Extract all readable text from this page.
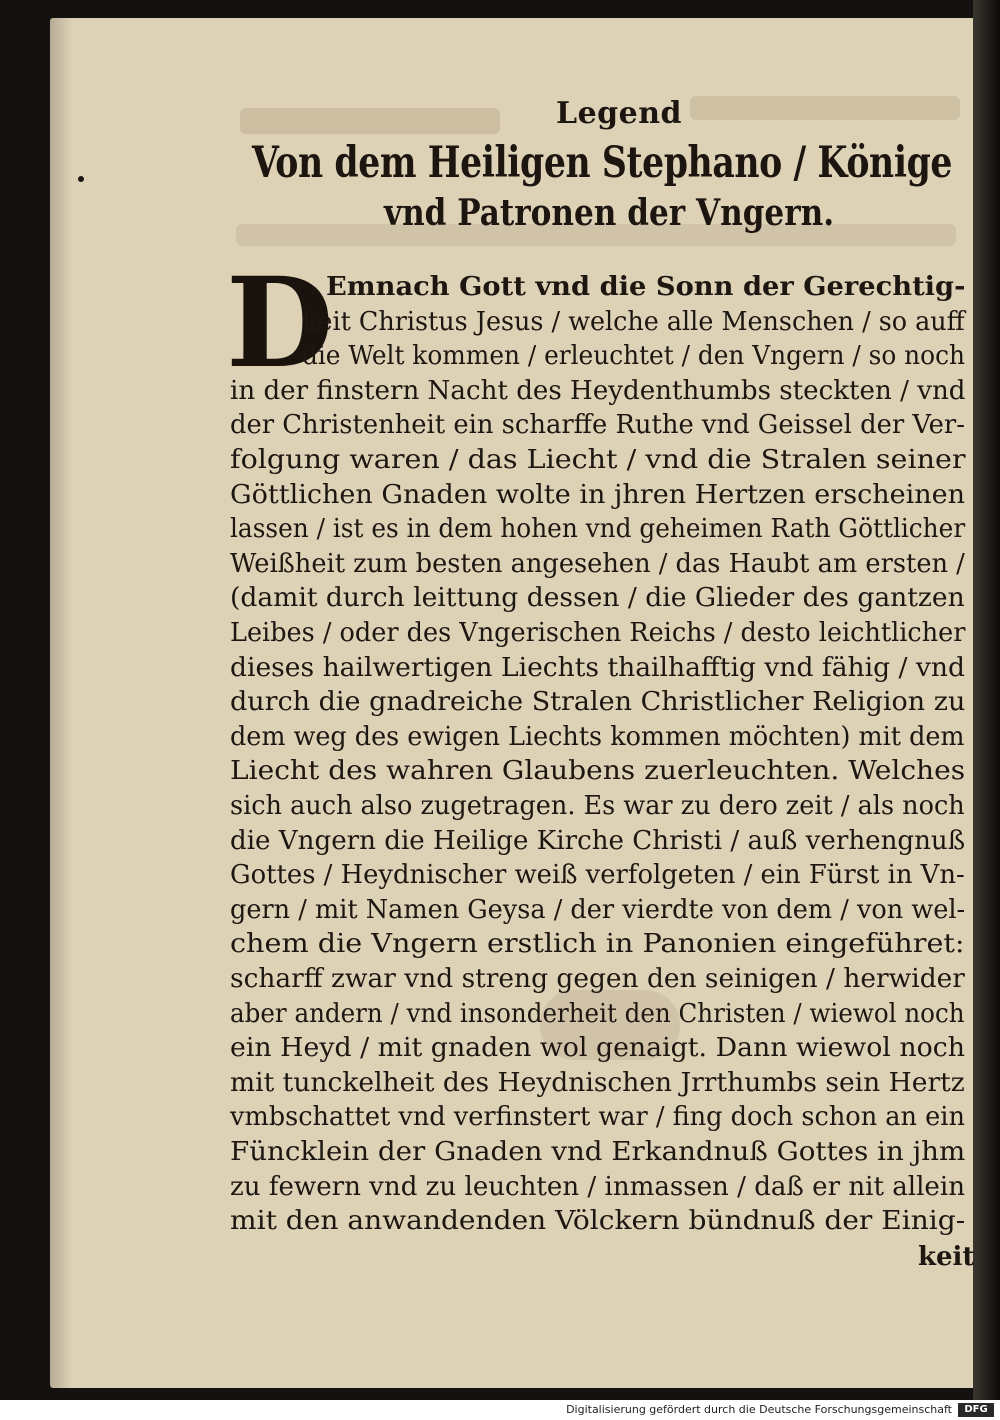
Legend
Von dem Heiligen Stephano / Könige
vnd Patronen der Vngern.
D
Emnach Gott vnd die Sonn der Gerechtig-
keit Christus Jesus / welche alle Menschen / so auff
die Welt kommen / erleuchtet / den Vngern / so noch
in der finstern Nacht des Heydenthumbs steckten / vnd
der Christenheit ein scharffe Ruthe vnd Geissel der Ver-
folgung waren / das Liecht / vnd die Stralen seiner
Göttlichen Gnaden wolte in jhren Hertzen erscheinen
lassen / ist es in dem hohen vnd geheimen Rath Göttlicher
Weißheit zum besten angesehen / das Haubt am ersten /
(damit durch leittung dessen / die Glieder des gantzen
Leibes / oder des Vngerischen Reichs / desto leichtlicher
dieses hailwertigen Liechts thailhafftig vnd fähig / vnd
durch die gnadreiche Stralen Christlicher Religion zu
dem weg des ewigen Liechts kommen möchten) mit dem
Liecht des wahren Glaubens zuerleuchten. Welches
sich auch also zugetragen. Es war zu dero zeit / als noch
die Vngern die Heilige Kirche Christi / auß verhengnuß
Gottes / Heydnischer weiß verfolgeten / ein Fürst in Vn-
gern / mit Namen Geysa / der vierdte von dem / von wel-
chem die Vngern erstlich in Panonien eingeführet:
scharff zwar vnd streng gegen den seinigen / herwider
aber andern / vnd insonderheit den Christen / wiewol noch
ein Heyd / mit gnaden wol genaigt. Dann wiewol noch
mit tunckelheit des Heydnischen Jrrthumbs sein Hertz
vmbschattet vnd verfinstert war / fing doch schon an ein
Füncklein der Gnaden vnd Erkandnuß Gottes in jhm
zu fewern vnd zu leuchten / inmassen / daß er nit allein
mit den anwandenden Völckern bündnuß der Einig-
keit
Digitalisierung gefördert durch die Deutsche Forschungsgemeinschaft	DFG
